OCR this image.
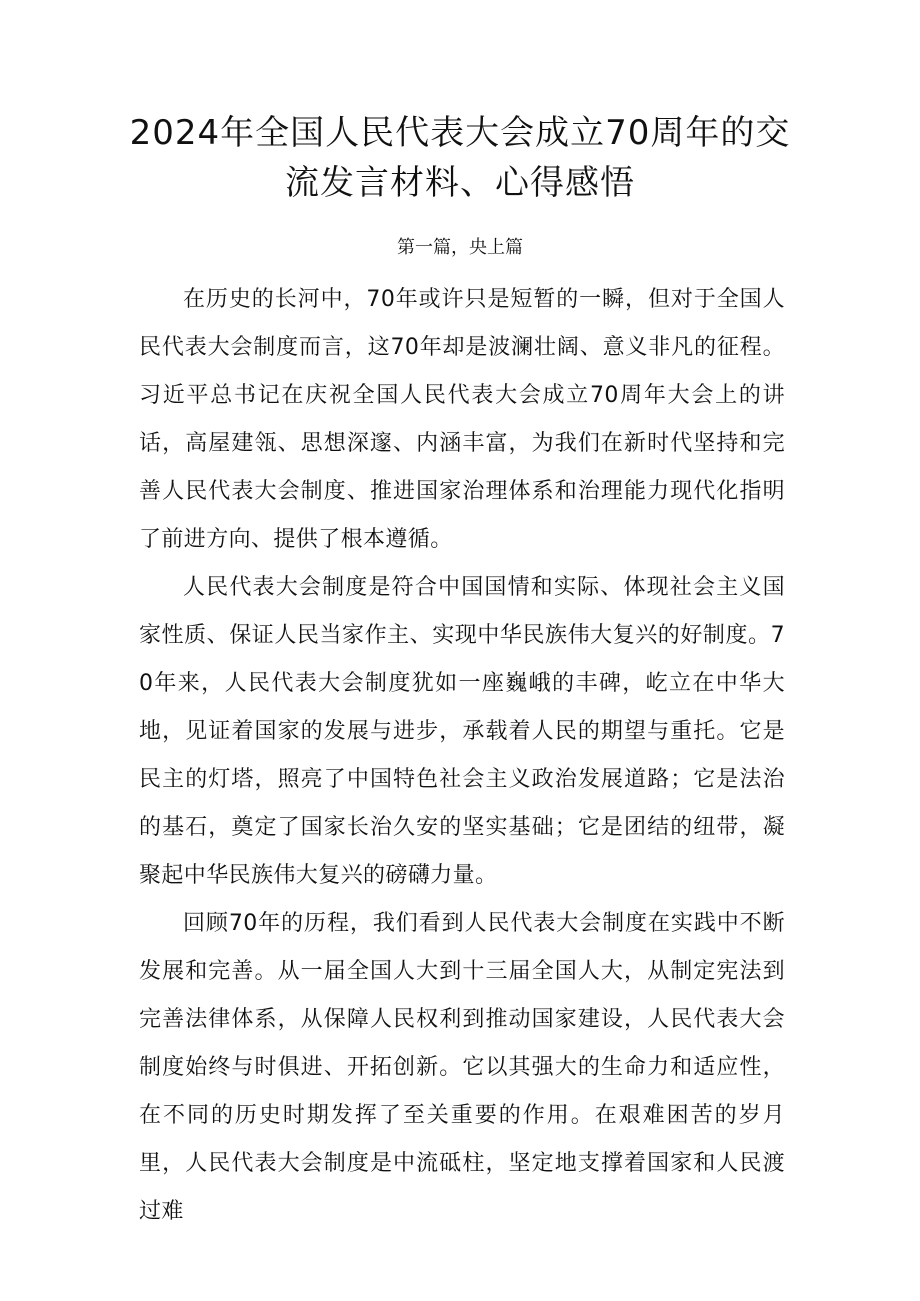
2024年全国人民代表大会成立70周年的交
流发言材料、心得感悟

第一篇，央上篇

在历史的长河中，70年或许只是短暂的一瞬，但对于全国人民代表大会制度而言，这70年却是波澜壮阔、意义非凡的征程。习近平总书记在庆祝全国人民代表大会成立70周年大会上的讲话，高屋建瓴、思想深邃、内涵丰富，为我们在新时代坚持和完善人民代表大会制度、推进国家治理体系和治理能力现代化指明了前进方向、提供了根本遵循。

人民代表大会制度是符合中国国情和实际、体现社会主义国家性质、保证人民当家作主、实现中华民族伟大复兴的好制度。70年来，人民代表大会制度犹如一座巍峨的丰碑，屹立在中华大地，见证着国家的发展与进步，承载着人民的期望与重托。它是民主的灯塔，照亮了中国特色社会主义政治发展道路；它是法治的基石，奠定了国家长治久安的坚实基础；它是团结的纽带，凝聚起中华民族伟大复兴的磅礴力量。

回顾70年的历程，我们看到人民代表大会制度在实践中不断发展和完善。从一届全国人大到十三届全国人大，从制定宪法到完善法律体系，从保障人民权利到推动国家建设，人民代表大会制度始终与时俱进、开拓创新。它以其强大的生命力和适应性，在不同的历史时期发挥了至关重要的作用。在艰难困苦的岁月里，人民代表大会制度是中流砥柱，坚定地支撑着国家和人民渡过难
